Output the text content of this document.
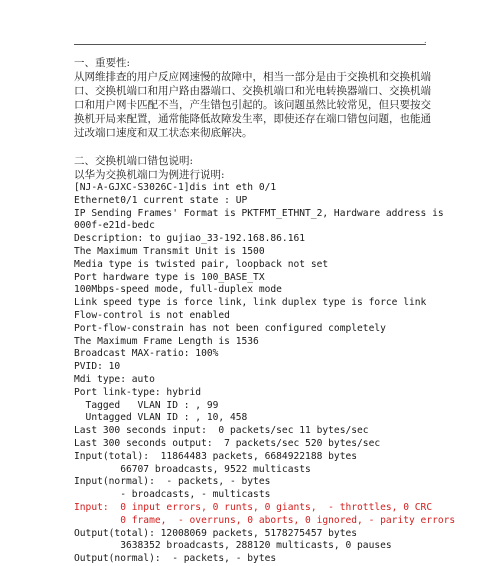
.

一、重要性:

从网维排查的用户反应网速慢的故障中，相当一部分是由于交换机和交换机端

口、交换机端口和用户路由器端口、交换机端口和光电转换器端口、交换机端

口和用户网卡匹配不当，产生错包引起的。该问题虽然比较常见，但只要按交

换机开局来配置，通常能降低故障发生率，即使还存在端口错包问题，也能通

过改端口速度和双工状态来彻底解决。

二、交换机端口错包说明:

以华为交换机端口为例进行说明:

[NJ-A-GJXC-S3026C-1]dis int eth 0/1

Ethernet0/1 current state : UP

IP Sending Frames' Format is PKTFMT_ETHNT_2, Hardware address is

000f-e21d-bedc

Description: to gujiao_33-192.168.86.161

The Maximum Transmit Unit is 1500

Media type is twisted pair, loopback not set

Port hardware type is 100_BASE_TX

100Mbps-speed mode, full-duplex mode

Link speed type is force link, link duplex type is force link

Flow-control is not enabled

Port-flow-constrain has not been configured completely

The Maximum Frame Length is 1536

Broadcast MAX-ratio: 100%

PVID: 10

Mdi type: auto

Port link-type: hybrid

Tagged   VLAN ID : , 99

Untagged VLAN ID : , 10, 458

Last 300 seconds input:  0 packets/sec 11 bytes/sec

Last 300 seconds output:  7 packets/sec 520 bytes/sec

Input(total):  11864483 packets, 6684922188 bytes

66707 broadcasts, 9522 multicasts

Input(normal):  - packets, - bytes

- broadcasts, - multicasts

Input:  0 input errors, 0 runts, 0 giants,  - throttles, 0 CRC

0 frame,  - overruns, 0 aborts, 0 ignored, - parity errors

Output(total): 12008069 packets, 5178275457 bytes

3638352 broadcasts, 288120 multicasts, 0 pauses

Output(normal):  - packets, - bytes
